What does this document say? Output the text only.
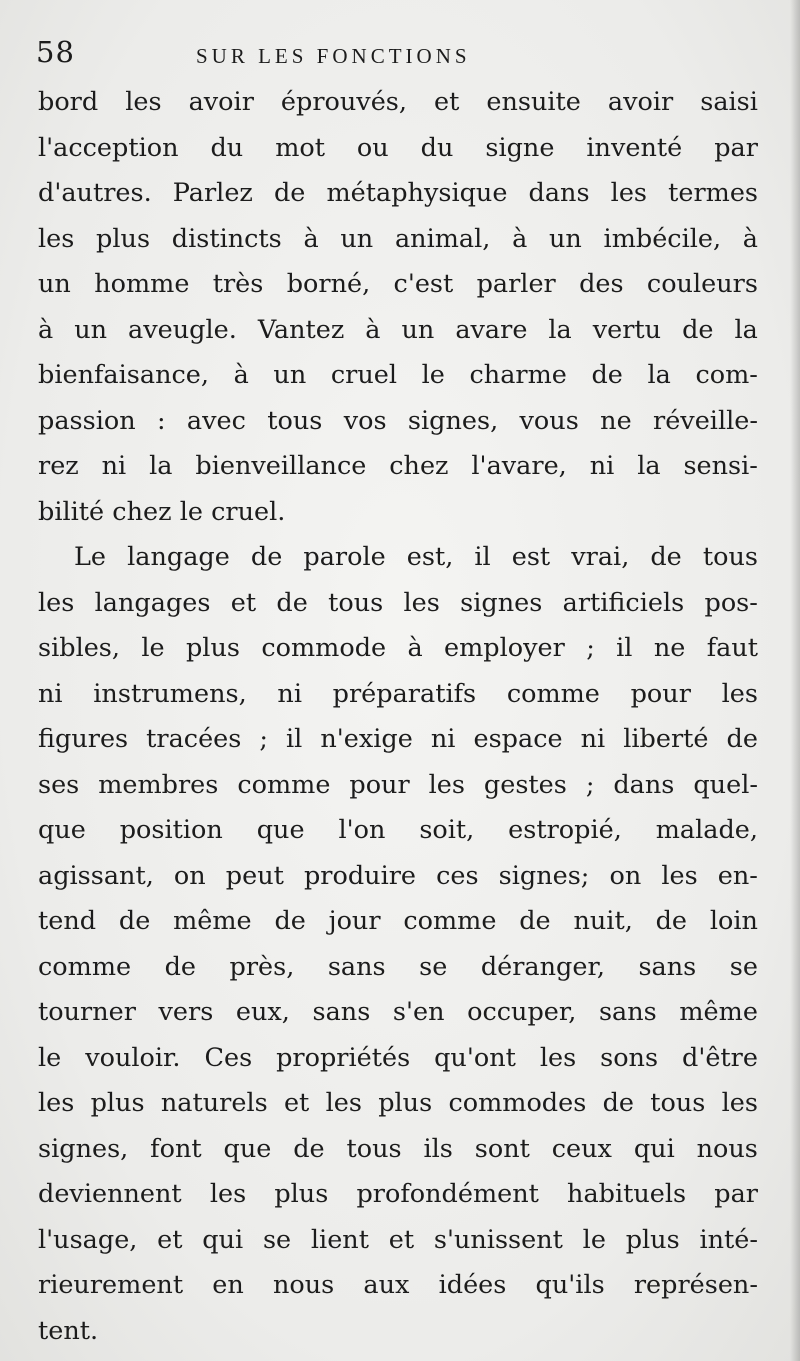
58	SUR LES FONCTIONS
bord les avoir éprouvés, et ensuite avoir saisi
l'acception du mot ou du signe inventé par
d'autres. Parlez de métaphysique dans les termes
les plus distincts à un animal, à un imbécile, à
un homme très borné, c'est parler des couleurs
à un aveugle. Vantez à un avare la vertu de la
bienfaisance, à un cruel le charme de la com-
passion : avec tous vos signes, vous ne réveille-
rez ni la bienveillance chez l'avare, ni la sensi-
bilité chez le cruel.
Le langage de parole est, il est vrai, de tous
les langages et de tous les signes artificiels pos-
sibles, le plus commode à employer ; il ne faut
ni instrumens, ni préparatifs comme pour les
figures tracées ; il n'exige ni espace ni liberté de
ses membres comme pour les gestes ; dans quel-
que position que l'on soit, estropié, malade,
agissant, on peut produire ces signes; on les en-
tend de même de jour comme de nuit, de loin
comme de près, sans se déranger, sans se
tourner vers eux, sans s'en occuper, sans même
le vouloir. Ces propriétés qu'ont les sons d'être
les plus naturels et les plus commodes de tous les
signes, font que de tous ils sont ceux qui nous
deviennent les plus profondément habituels par
l'usage, et qui se lient et s'unissent le plus inté-
rieurement en nous aux idées qu'ils représen-
tent.
